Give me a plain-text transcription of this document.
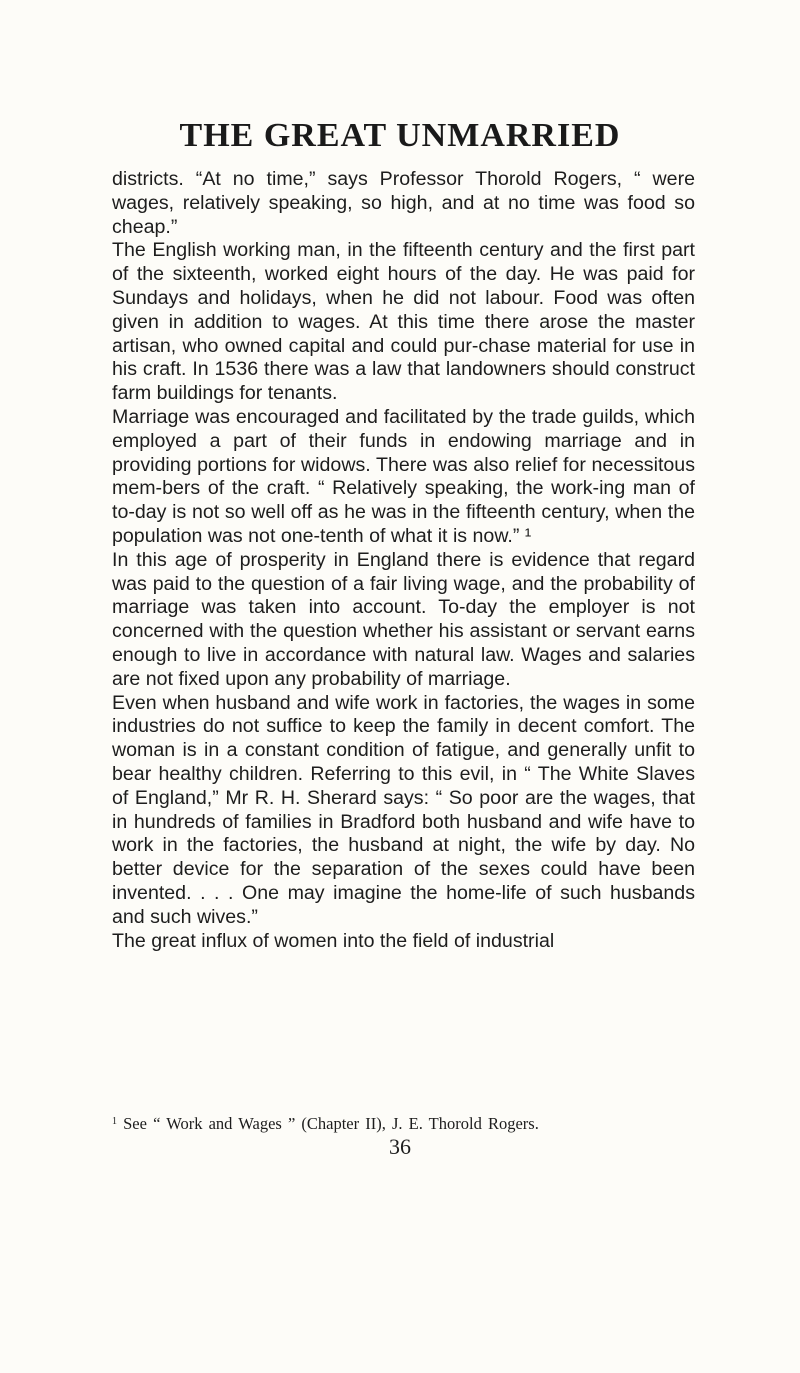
THE GREAT UNMARRIED

districts. “At no time,” says Professor Thorold Rogers, “ were wages, relatively speaking, so high, and at no time was food so cheap.”

The English working man, in the fifteenth century and the first part of the sixteenth, worked eight hours of the day. He was paid for Sundays and holidays, when he did not labour. Food was often given in addition to wages. At this time there arose the master artisan, who owned capital and could pur-chase material for use in his craft. In 1536 there was a law that landowners should construct farm buildings for tenants.

Marriage was encouraged and facilitated by the trade guilds, which employed a part of their funds in endowing marriage and in providing portions for widows. There was also relief for necessitous mem-bers of the craft. “ Relatively speaking, the work-ing man of to-day is not so well off as he was in the fifteenth century, when the population was not one-tenth of what it is now.” ¹

In this age of prosperity in England there is evidence that regard was paid to the question of a fair living wage, and the probability of marriage was taken into account. To-day the employer is not concerned with the question whether his assistant or servant earns enough to live in accordance with natural law. Wages and salaries are not fixed upon any probability of marriage.

Even when husband and wife work in factories, the wages in some industries do not suffice to keep the family in decent comfort. The woman is in a constant condition of fatigue, and generally unfit to bear healthy children. Referring to this evil, in “ The White Slaves of England,” Mr R. H. Sherard says: “ So poor are the wages, that in hundreds of families in Bradford both husband and wife have to work in the factories, the husband at night, the wife by day. No better device for the separation of the sexes could have been invented. . . . One may imagine the home-life of such husbands and such wives.”

The great influx of women into the field of industrial

$^1$ See “ Work and Wages ” (Chapter II), J. E. Thorold Rogers.

36
